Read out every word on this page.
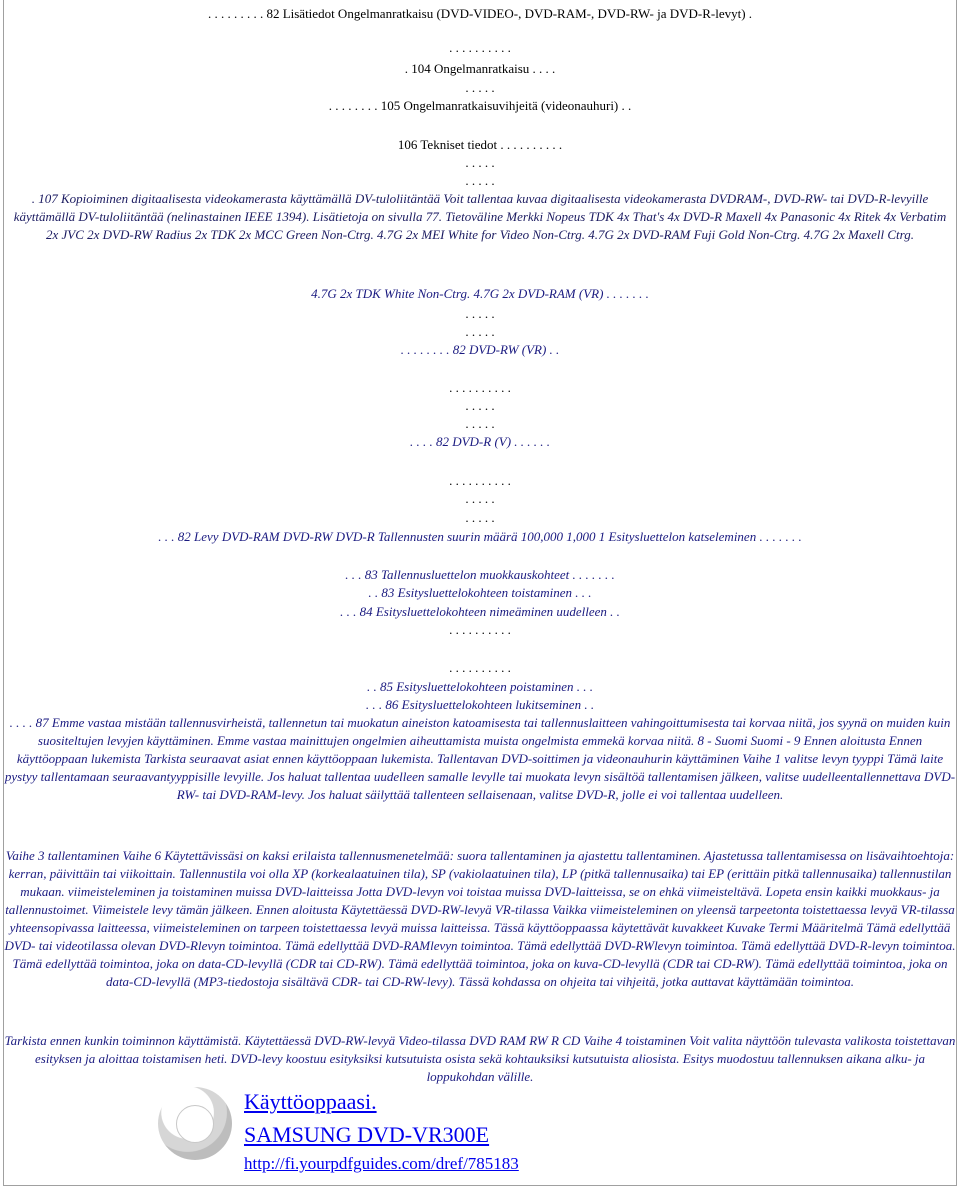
. . . . . . . . . 82 Lisätiedot Ongelmanratkaisu (DVD-VIDEO-, DVD-RAM-, DVD-RW- ja DVD-R-levyt) .

. . . . . . . . . .

. 104 Ongelmanratkaisu . . . .

. . . . .

. . . . . . . . 105 Ongelmanratkaisuvihjeitä (videonauhuri) . .

106 Tekniset tiedot . . . . . . . . . .

. . . . .

. . . . .

. 107 Kopioiminen digitaalisesta videokamerasta käyttämällä DV-tuloliitäntää Voit tallentaa kuvaa digitaalisesta videokamerasta DVDRAM-, DVD-RW- tai DVD-R-levyille käyttämällä DV-tuloliitäntää (nelinastainen IEEE 1394). Lisätietoja on sivulla 77. Tietoväline Merkki Nopeus TDK 4x That's 4x DVD-R Maxell 4x Panasonic 4x Ritek 4x Verbatim 2x JVC 2x DVD-RW Radius 2x TDK 2x MCC Green Non-Ctrg. 4.7G 2x MEI White for Video Non-Ctrg. 4.7G 2x DVD-RAM Fuji Gold Non-Ctrg. 4.7G 2x Maxell Ctrg.

4.7G 2x TDK White Non-Ctrg. 4.7G 2x DVD-RAM (VR) . . . . . . .

. . . . .

. . . . .

. . . . . . . . 82 DVD-RW (VR) . .

. . . . . . . . . .

. . . . .

. . . . .

. . . . 82 DVD-R (V) . . . . . .

. . . . . . . . . .

. . . . .

. . . . .

. . . 82 Levy DVD-RAM DVD-RW DVD-R Tallennusten suurin määrä 100,000 1,000 1 Esitysluettelon katseleminen . . . . . . .

. . . 83 Tallennusluettelon muokkauskohteet . . . . . . .

. . 83 Esitysluettelokohteen toistaminen . . .

. . . 84 Esitysluettelokohteen nimeäminen uudelleen . .

. . . . . . . . . .

. . . . . . . . . .

. . 85 Esitysluettelokohteen poistaminen . . .

. . . 86 Esitysluettelokohteen lukitseminen . .

. . . . 87 Emme vastaa mistään tallennusvirheistä, tallennetun tai muokatun aineiston katoamisesta tai tallennuslaitteen vahingoittumisesta tai korvaa niitä, jos syynä on muiden kuin suositeltujen levyjen käyttäminen. Emme vastaa mainittujen ongelmien aiheuttamista muista ongelmista emmekä korvaa niitä. 8 - Suomi Suomi - 9 Ennen aloitusta Ennen käyttöoppaan lukemista Tarkista seuraavat asiat ennen käyttöoppaan lukemista. Tallentavan DVD-soittimen ja videonauhurin käyttäminen Vaihe 1 valitse levyn tyyppi Tämä laite pystyy tallentamaan seuraavantyyppisille levyille. Jos haluat tallentaa uudelleen samalle levylle tai muokata levyn sisältöä tallentamisen jälkeen, valitse uudelleentallennettava DVD-RW- tai DVD-RAM-levy. Jos haluat säilyttää tallenteen sellaisenaan, valitse DVD-R, jolle ei voi tallentaa uudelleen.

Vaihe 3 tallentaminen Vaihe 6 Käytettävissäsi on kaksi erilaista tallennusmenetelmää: suora tallentaminen ja ajastettu tallentaminen. Ajastetussa tallentamisessa on lisävaihtoehtoja: kerran, päivittäin tai viikoittain. Tallennustila voi olla XP (korkealaatuinen tila), SP (vakiolaatuinen tila), LP (pitkä tallennusaika) tai EP (erittäin pitkä tallennusaika) tallennustilan mukaan. viimeisteleminen ja toistaminen muissa DVD-laitteissa Jotta DVD-levyn voi toistaa muissa DVD-laitteissa, se on ehkä viimeisteltävä. Lopeta ensin kaikki muokkaus- ja tallennustoimet. Viimeistele levy tämän jälkeen. Ennen aloitusta Käytettäessä DVD-RW-levyä VR-tilassa Vaikka viimeisteleminen on yleensä tarpeetonta toistettaessa levyä VR-tilassa yhteensopivassa laitteessa, viimeisteleminen on tarpeen toistettaessa levyä muissa laitteissa. Tässä käyttöoppaassa käytettävät kuvakkeet Kuvake Termi Määritelmä Tämä edellyttää DVD- tai videotilassa olevan DVD-Rlevyn toimintoa. Tämä edellyttää DVD-RAMlevyn toimintoa. Tämä edellyttää DVD-RWlevyn toimintoa. Tämä edellyttää DVD-R-levyn toimintoa. Tämä edellyttää toimintoa, joka on data-CD-levyllä (CDR tai CD-RW). Tämä edellyttää toimintoa, joka on kuva-CD-levyllä (CDR tai CD-RW). Tämä edellyttää toimintoa, joka on data-CD-levyllä (MP3-tiedostoja sisältävä CDR- tai CD-RW-levy). Tässä kohdassa on ohjeita tai vihjeitä, jotka auttavat käyttämään toimintoa.

Tarkista ennen kunkin toiminnon käyttämistä. Käytettäessä DVD-RW-levyä Video-tilassa DVD RAM RW R CD Vaihe 4 toistaminen Voit valita näyttöön tulevasta valikosta toistettavan esityksen ja aloittaa toistamisen heti. DVD-levy koostuu esityksiksi kutsutuista osista sekä kohtauksiksi kutsutuista aliosista. Esitys muodostuu tallennuksen aikana alku- ja loppukohdan välille.

Käyttöoppaasi.
SAMSUNG DVD-VR300E
http://fi.yourpdfguides.com/dref/785183
